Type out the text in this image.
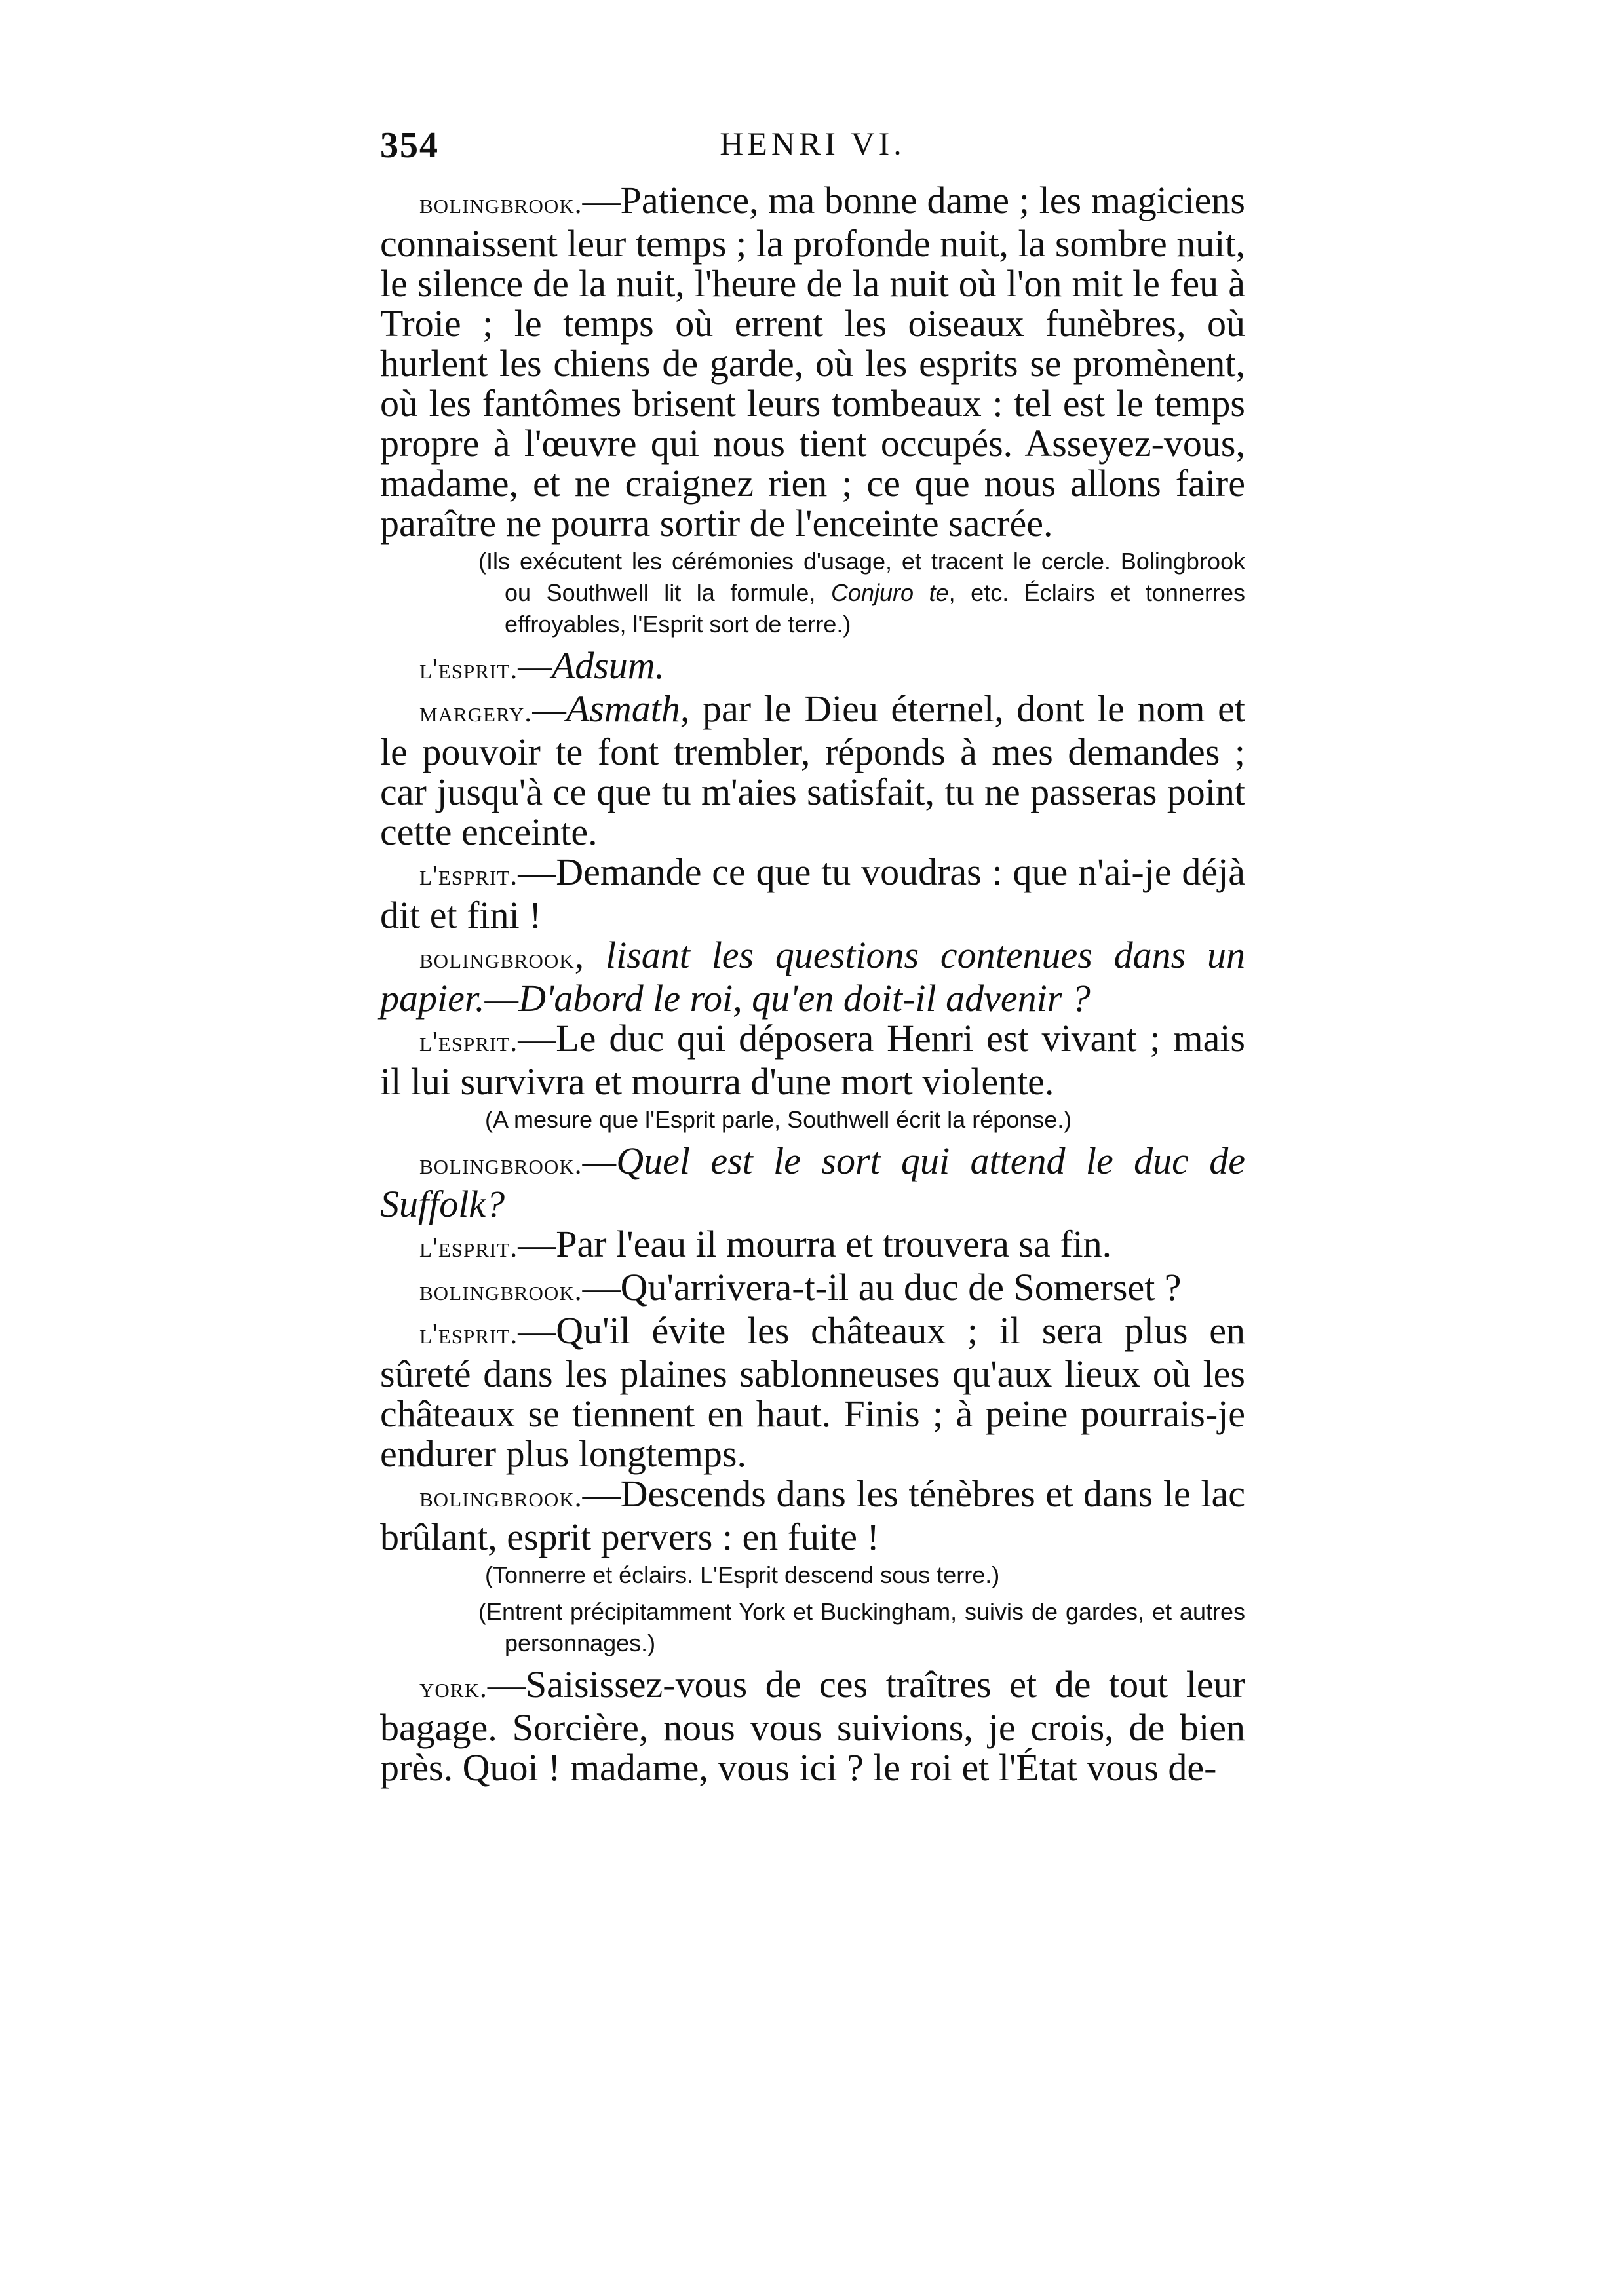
HENRI VI.
354

bolingbrook.—Patience, ma bonne dame ; les magiciens connaissent leur temps ; la profonde nuit, la sombre nuit, le silence de la nuit, l'heure de la nuit où l'on mit le feu à Troie ; le temps où errent les oiseaux funèbres, où hurlent les chiens de garde, où les esprits se promènent, où les fantômes brisent leurs tombeaux : tel est le temps propre à l'œuvre qui nous tient occupés. Asseyez-vous, madame, et ne craignez rien ; ce que nous allons faire paraître ne pourra sortir de l'enceinte sacrée.

(Ils exécutent les cérémonies d'usage, et tracent le cercle. Bolingbrook ou Southwell lit la formule, Conjuro te, etc. Éclairs et tonnerres effroyables, l'Esprit sort de terre.)

l'esprit.—Adsum.

margery.—Asmath, par le Dieu éternel, dont le nom et le pouvoir te font trembler, réponds à mes demandes ; car jusqu'à ce que tu m'aies satisfait, tu ne passeras point cette enceinte.

l'esprit.—Demande ce que tu voudras : que n'ai-je déjà dit et fini !

bolingbrook, lisant les questions contenues dans un papier.—D'abord le roi, qu'en doit-il advenir ?

l'esprit.—Le duc qui déposera Henri est vivant ; mais il lui survivra et mourra d'une mort violente.

(A mesure que l'Esprit parle, Southwell écrit la réponse.)

bolingbrook.—Quel est le sort qui attend le duc de Suffolk?

l'esprit.—Par l'eau il mourra et trouvera sa fin.

bolingbrook.—Qu'arrivera-t-il au duc de Somerset ?

l'esprit.—Qu'il évite les châteaux ; il sera plus en sûreté dans les plaines sablonneuses qu'aux lieux où les châteaux se tiennent en haut. Finis ; à peine pourrais-je endurer plus longtemps.

bolingbrook.—Descends dans les ténèbres et dans le lac brûlant, esprit pervers : en fuite !

(Tonnerre et éclairs. L'Esprit descend sous terre.)

(Entrent précipitamment York et Buckingham, suivis de gardes, et autres personnages.)

york.—Saisissez-vous de ces traîtres et de tout leur bagage. Sorcière, nous vous suivions, je crois, de bien près. Quoi ! madame, vous ici ? le roi et l'État vous de-
